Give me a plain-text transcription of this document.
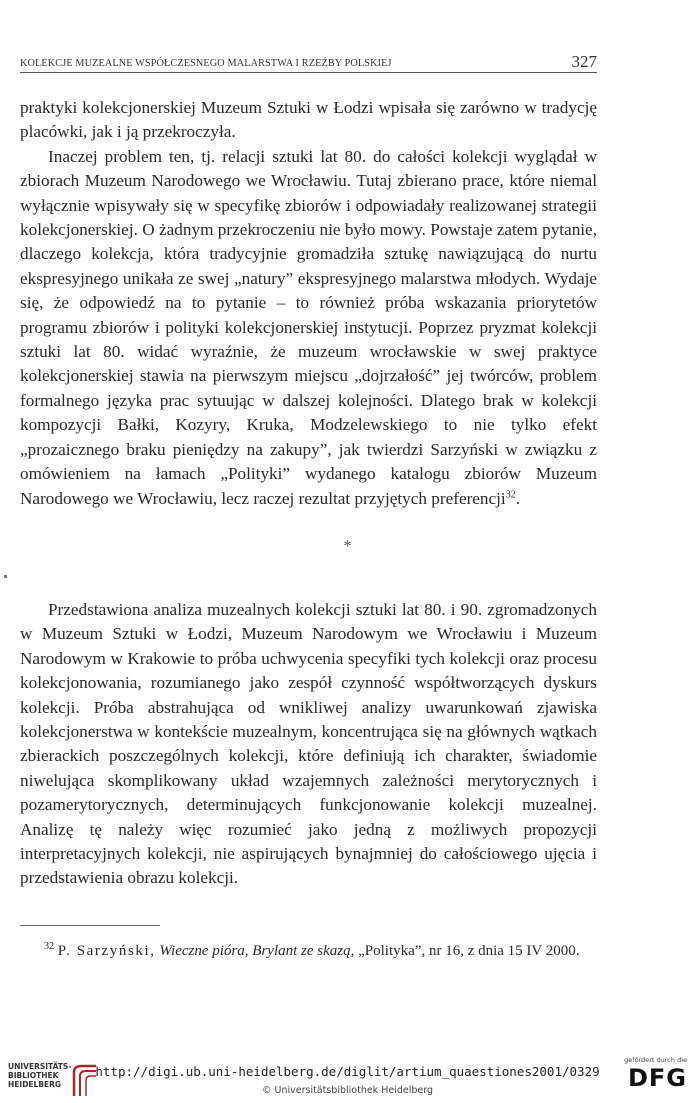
KOLEKCJE MUZEALNE WSPÓŁCZESNEGO MALARSTWA I RZEŹBY POLSKIEJ	327

praktyki kolekcjonerskiej Muzeum Sztuki w Łodzi wpisała się zarówno w tradycję placówki, jak i ją przekroczyła.

Inaczej problem ten, tj. relacji sztuki lat 80. do całości kolekcji wyglądał w zbiorach Muzeum Narodowego we Wrocławiu. Tutaj zbierano prace, które niemal wyłącznie wpisywały się w specyfikę zbiorów i odpowiadały realizowanej strategii kolekcjonerskiej. O żadnym przekroczeniu nie było mowy. Powstaje zatem pytanie, dlaczego kolekcja, która tradycyjnie gromadziła sztukę nawiązującą do nurtu ekspresyjnego unikała ze swej „natury” ekspresyjnego malarstwa młodych. Wydaje się, że odpowiedź na to pytanie – to również próba wskazania priorytetów programu zbiorów i polityki kolekcjonerskiej instytucji. Poprzez pryzmat kolekcji sztuki lat 80. widać wyraźnie, że muzeum wrocławskie w swej praktyce kolekcjonerskiej stawia na pierwszym miejscu „dojrzałość” jej twórców, problem formalnego języka prac sytuując w dalszej kolejności. Dlatego brak w kolekcji kompozycji Bałki, Kozyry, Kruka, Modzelewskiego to nie tylko efekt „prozaicznego braku pieniędzy na zakupy”, jak twierdzi Sarzyński w związku z omówieniem na łamach „Polityki” wydanego katalogu zbiorów Muzeum Narodowego we Wrocławiu, lecz raczej rezultat przyjętych preferencji$^{32}$.

*

Przedstawiona analiza muzealnych kolekcji sztuki lat 80. i 90. zgromadzonych w Muzeum Sztuki w Łodzi, Muzeum Narodowym we Wrocławiu i Muzeum Narodowym w Krakowie to próba uchwycenia specyfiki tych kolekcji oraz procesu kolekcjonowania, rozumianego jako zespół czynność współtworzących dyskurs kolekcji. Próba abstrahująca od wnikliwej analizy uwarunkowań zjawiska kolekcjonerstwa w kontekście muzealnym, koncentrująca się na głównych wątkach zbierackich poszczególnych kolekcji, które definiują ich charakter, świadomie niwelująca skomplikowany układ wzajemnych zależności merytorycznych i pozamerytorycznych, determinujących funkcjonowanie kolekcji muzealnej. Analizę tę należy więc rozumieć jako jedną z możliwych propozycji interpretacyjnych kolekcji, nie aspirujących bynajmniej do całościowego ujęcia i przedstawienia obrazu kolekcji.

$^{32}$ P. Sarzyński, Wieczne pióra, Brylant ze skazą, „Polityka”, nr 16, z dnia 15 IV 2000.
UNIVERSITÄTS-
BIBLIOTHEK
HEIDELBERG
http://digi.ub.uni-heidelberg.de/diglit/artium_quaestiones2001/0329
© Universitätsbibliothek Heidelberg
gefördert durch die
DFG
